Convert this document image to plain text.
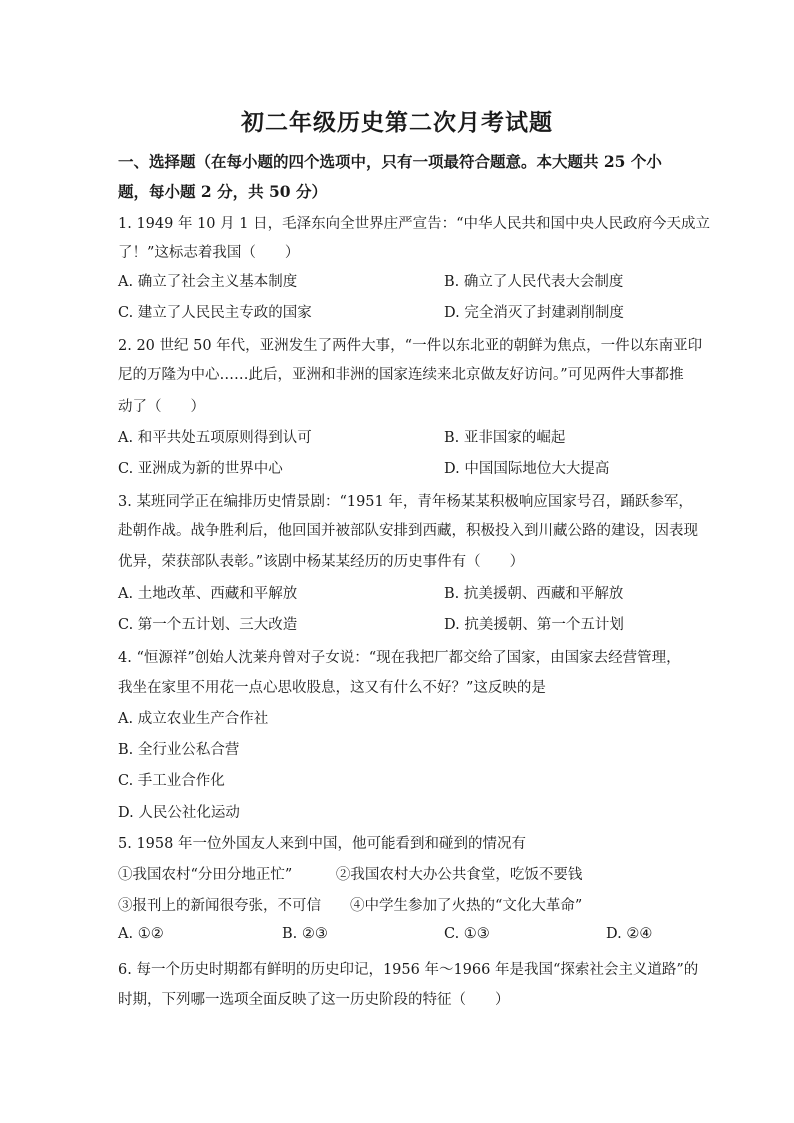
初二年级历史第二次月考试题
一、选择题（在每小题的四个选项中，只有一项最符合题意。本大题共 25 个小
题，每小题 2 分，共 50 分）
1. 1949 年 10 月 1 日，毛泽东向全世界庄严宣告：“中华人民共和国中央人民政府今天成立
了！”这标志着我国（　　）
A. 确立了社会主义基本制度	B. 确立了人民代表大会制度
C. 建立了人民民主专政的国家	D. 完全消灭了封建剥削制度
2. 20 世纪 50 年代，亚洲发生了两件大事，“一件以东北亚的朝鲜为焦点，一件以东南亚印
尼的万隆为中心……此后，亚洲和非洲的国家连续来北京做友好访问。”可见两件大事都推
动了（　　）
A. 和平共处五项原则得到认可	B. 亚非国家的崛起
C. 亚洲成为新的世界中心	D. 中国国际地位大大提高
3. 某班同学正在编排历史情景剧：“1951 年，青年杨某某积极响应国家号召，踊跃参军，
赴朝作战。战争胜利后，他回国并被部队安排到西藏，积极投入到川藏公路的建设，因表现
优异，荣获部队表彰。”该剧中杨某某经历的历史事件有（　　）
A. 土地改革、西藏和平解放	B. 抗美援朝、西藏和平解放
C. 第一个五计划、三大改造	D. 抗美援朝、第一个五计划
4. “恒源祥”创始人沈莱舟曾对子女说：“现在我把厂都交给了国家，由国家去经营管理，
我坐在家里不用花一点心思收股息，这又有什么不好？”这反映的是
A. 成立农业生产合作社
B. 全行业公私合营
C. 手工业合作化
D. 人民公社化运动
5. 1958 年一位外国友人来到中国，他可能看到和碰到的情况有
①我国农村“分田分地正忙”　　　②我国农村大办公共食堂，吃饭不要钱
③报刊上的新闻很夸张，不可信　　④中学生参加了火热的“文化大革命”
A. ①②	B. ②③	C. ①③	D. ②④
6. 每一个历史时期都有鲜明的历史印记，1956 年～1966 年是我国“探索社会主义道路”的
时期，下列哪一选项全面反映了这一历史阶段的特征（　　）
